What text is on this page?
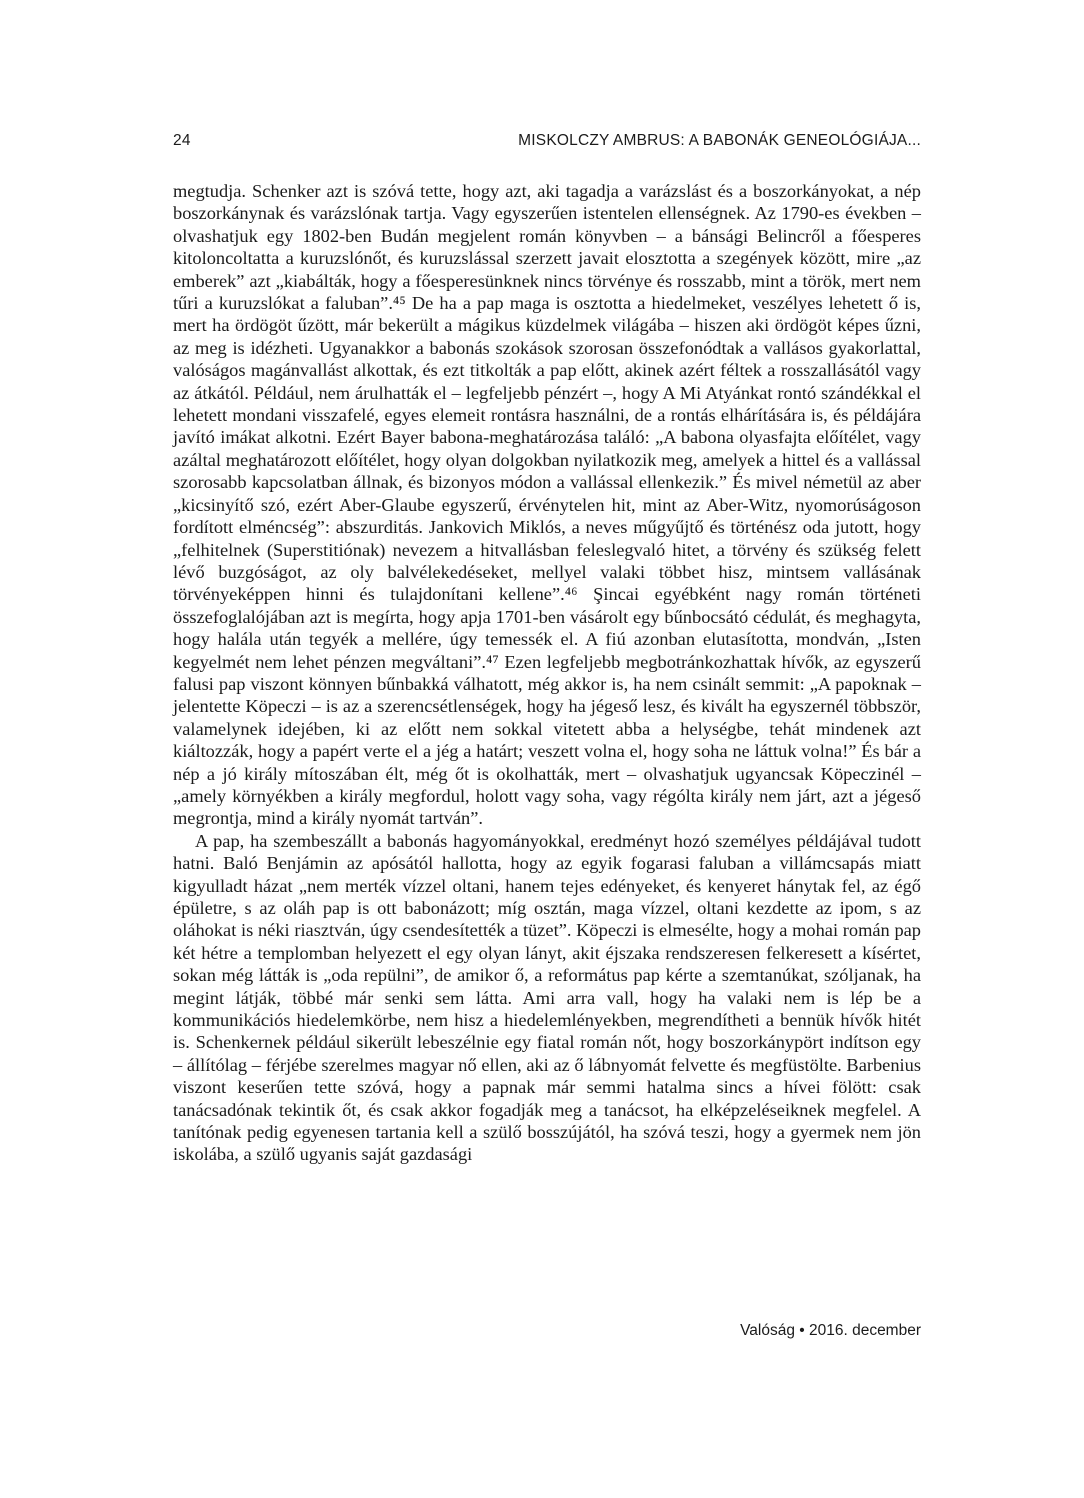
24	MISKOLCZY AMBRUS: A BABONÁK GENEOLÓGIÁJA...

megtudja. Schenker azt is szóvá tette, hogy azt, aki tagadja a varázslást és a boszorkányokat, a nép boszorkánynak és varázslónak tartja. Vagy egyszerűen istentelen ellenségnek. Az 1790-es években – olvashatjuk egy 1802-ben Budán megjelent román könyvben – a bánsági Belincről a főesperes kitoloncoltatta a kuruzslónőt, és kuruzslással szerzett javait elosztotta a szegények között, mire „az emberek” azt „kiabálták, hogy a főesperesünknek nincs törvénye és rosszabb, mint a török, mert nem tűri a kuruzslókat a faluban”.⁴⁵ De ha a pap maga is osztotta a hiedelmeket, veszélyes lehetett ő is, mert ha ördögöt űzött, már bekerült a mágikus küzdelmek világába – hiszen aki ördögöt képes űzni, az meg is idézheti. Ugyanakkor a babonás szokások szorosan összefonódtak a vallásos gyakorlattal, valóságos magánvallást alkottak, és ezt titkolták a pap előtt, akinek azért féltek a rosszallásától vagy az átkától. Például, nem árulhatták el – legfeljebb pénzért –, hogy A Mi Atyánkat rontó szándékkal el lehetett mondani visszafelé, egyes elemeit rontásra használni, de a rontás elhárítására is, és példájára javító imákat alkotni. Ezért Bayer babona-meghatározása találó: „A babona olyasfajta előítélet, vagy azáltal meghatározott előítélet, hogy olyan dolgokban nyilatkozik meg, amelyek a hittel és a vallással szorosabb kapcsolatban állnak, és bizonyos módon a vallással ellenkezik.” És mivel németül az aber „kicsinyítő szó, ezért Aber-Glaube egyszerű, érvénytelen hit, mint az Aber-Witz, nyomorúságoson fordított elméncség”: abszurditás. Jankovich Miklós, a neves műgyűjtő és történész oda jutott, hogy „felhitelnek (Superstitiónak) nevezem a hitvallásban feleslegvaló hitet, a törvény és szükség felett lévő buzgóságot, az oly balvélekedéseket, mellyel valaki többet hisz, mintsem vallásának törvényeképpen hinni és tulajdonítani kellene”.⁴⁶ Şincai egyébként nagy román történeti összefoglalójában azt is megírta, hogy apja 1701-ben vásárolt egy bűnbocsátó cédulát, és meghagyta, hogy halála után tegyék a mellére, úgy temessék el. A fiú azonban elutasította, mondván, „Isten kegyelmét nem lehet pénzen megváltani”.⁴⁷ Ezen legfeljebb megbotránkozhattak hívők, az egyszerű falusi pap viszont könnyen bűnbakká válhatott, még akkor is, ha nem csinált semmit: „A papoknak – jelentette Köpeczi – is az a szerencsétlenségek, hogy ha jégeső lesz, és kivált ha egyszernél többször, valamelynek idejében, ki az előtt nem sokkal vitetett abba a helységbe, tehát mindenek azt kiáltozzák, hogy a papért verte el a jég a határt; veszett volna el, hogy soha ne láttuk volna!” És bár a nép a jó király mítoszában élt, még őt is okolhatták, mert – olvashatjuk ugyancsak Köpeczinél – „amely környékben a király megfordul, holott vagy soha, vagy régólta király nem járt, azt a jégeső megrontja, mind a király nyomát tartván”.

A pap, ha szembeszállt a babonás hagyományokkal, eredményt hozó személyes példájával tudott hatni. Baló Benjámin az apósától hallotta, hogy az egyik fogarasi faluban a villámcsapás miatt kigyulladt házat „nem merték vízzel oltani, hanem tejes edényeket, és kenyeret hánytak fel, az égő épületre, s az oláh pap is ott babonázott; míg osztán, maga vízzel, oltani kezdette az ipom, s az oláhokat is néki riasztván, úgy csendesítették a tüzet”. Köpeczi is elmesélte, hogy a mohai román pap két hétre a templomban helyezett el egy olyan lányt, akit éjszaka rendszeresen felkeresett a kísértet, sokan még látták is „oda repülni”, de amikor ő, a református pap kérte a szemtanúkat, szóljanak, ha megint látják, többé már senki sem látta. Ami arra vall, hogy ha valaki nem is lép be a kommunikációs hiedelemkörbe, nem hisz a hiedelemlényekben, megrendítheti a bennük hívők hitét is. Schenkernek például sikerült lebeszélnie egy fiatal román nőt, hogy boszorkánypört indítson egy – állítólag – férjébe szerelmes magyar nő ellen, aki az ő lábnyomát felvette és megfüstölte. Barbenius viszont keserűen tette szóvá, hogy a papnak már semmi hatalma sincs a hívei fölött: csak tanácsadónak tekintik őt, és csak akkor fogadják meg a tanácsot, ha elképzeléseiknek megfelel. A tanítónak pedig egyenesen tartania kell a szülő bosszújától, ha szóvá teszi, hogy a gyermek nem jön iskolába, a szülő ugyanis saját gazdasági

Valóság • 2016. december
